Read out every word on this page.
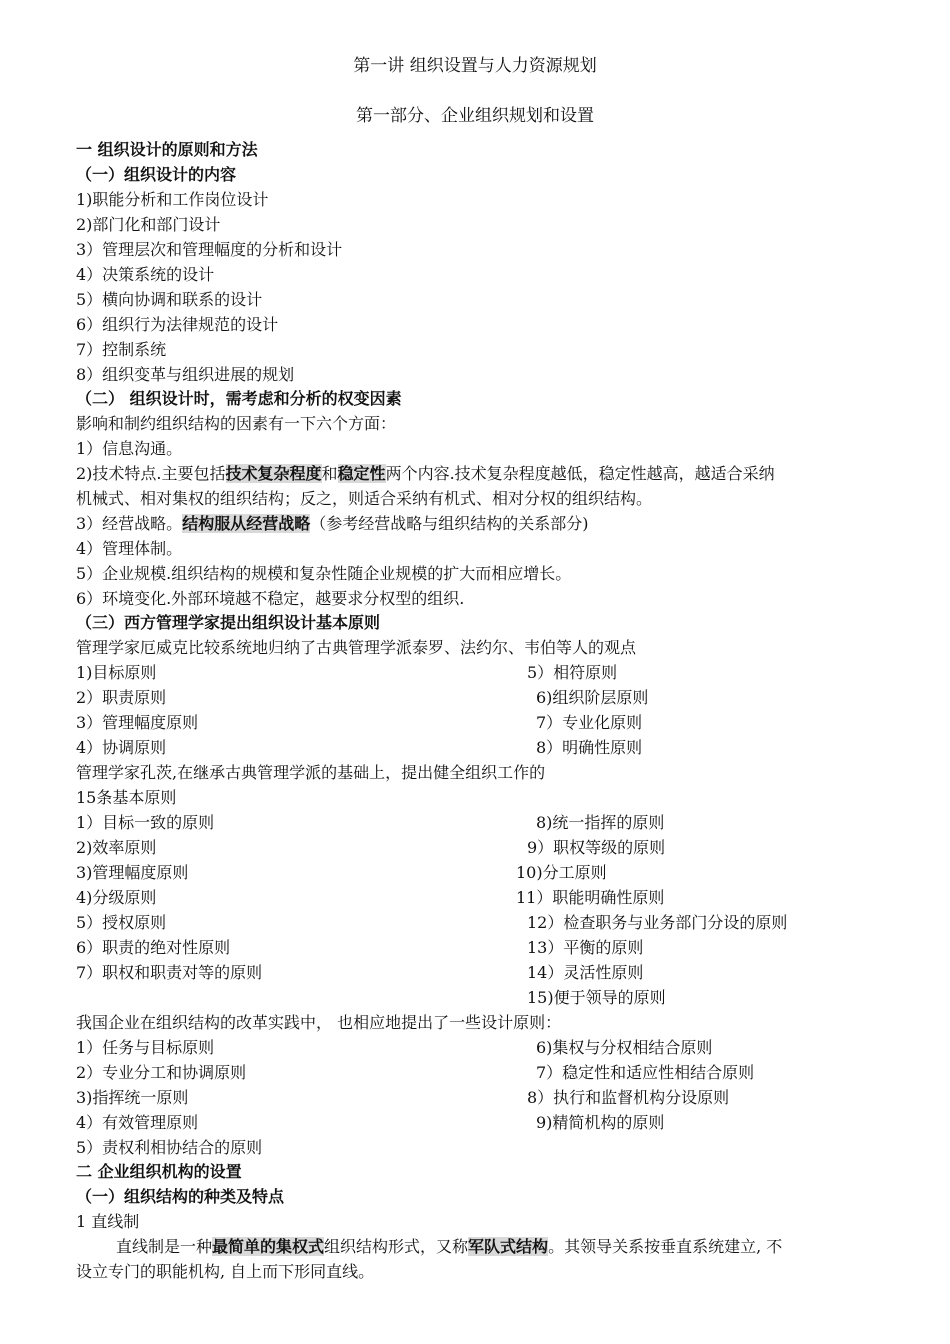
第一讲 组织设置与人力资源规划
第一部分、企业组织规划和设置
一 组织设计的原则和方法
（一）组织设计的内容
1)职能分析和工作岗位设计
2)部门化和部门设计
3）管理层次和管理幅度的分析和设计
4）决策系统的设计
5）横向协调和联系的设计
6）组织行为法律规范的设计
7）控制系统
8）组织变革与组织进展的规划
（二） 组织设计时，需考虑和分析的权变因素
影响和制约组织结构的因素有一下六个方面：
1）信息沟通。
2)技术特点.主要包括技术复杂程度和稳定性两个内容.技术复杂程度越低，稳定性越高，越适合采纳
机械式、相对集权的组织结构；反之，则适合采纳有机式、相对分权的组织结构。
3）经营战略。结构服从经营战略（参考经营战略与组织结构的关系部分)
4）管理体制。
5）企业规模.组织结构的规模和复杂性随企业规模的扩大而相应增长。
6）环境变化.外部环境越不稳定，越要求分权型的组织.
（三）西方管理学家提出组织设计基本原则
管理学家厄威克比较系统地归纳了古典管理学派泰罗、法约尔、韦伯等人的观点
1)目标原则
2）职责原则
3）管理幅度原则
4）协调原则
5）相符原则
6)组织阶层原则
7）专业化原则
8）明确性原则
管理学家孔茨,在继承古典管理学派的基础上，提出健全组织工作的
15条基本原则
1）目标一致的原则
2)效率原则
3)管理幅度原则
4)分级原则
5）授权原则
6）职责的绝对性原则
7）职权和职责对等的原则
8)统一指挥的原则
9）职权等级的原则
10)分工原则
11）职能明确性原则
12）检查职务与业务部门分设的原则
13）平衡的原则
14）灵活性原则
15)便于领导的原则
我国企业在组织结构的改革实践中， 也相应地提出了一些设计原则：
1）任务与目标原则
2）专业分工和协调原则
3)指挥统一原则
4）有效管理原则
5）责权利相协结合的原则
6)集权与分权相结合原则
7）稳定性和适应性相结合原则
8）执行和监督机构分设原则
9)精简机构的原则
二 企业组织机构的设置
（一）组织结构的种类及特点
1 直线制
直线制是一种最简单的集权式组织结构形式，又称军队式结构。其领导关系按垂直系统建立, 不
设立专门的职能机构, 自上而下形同直线。
